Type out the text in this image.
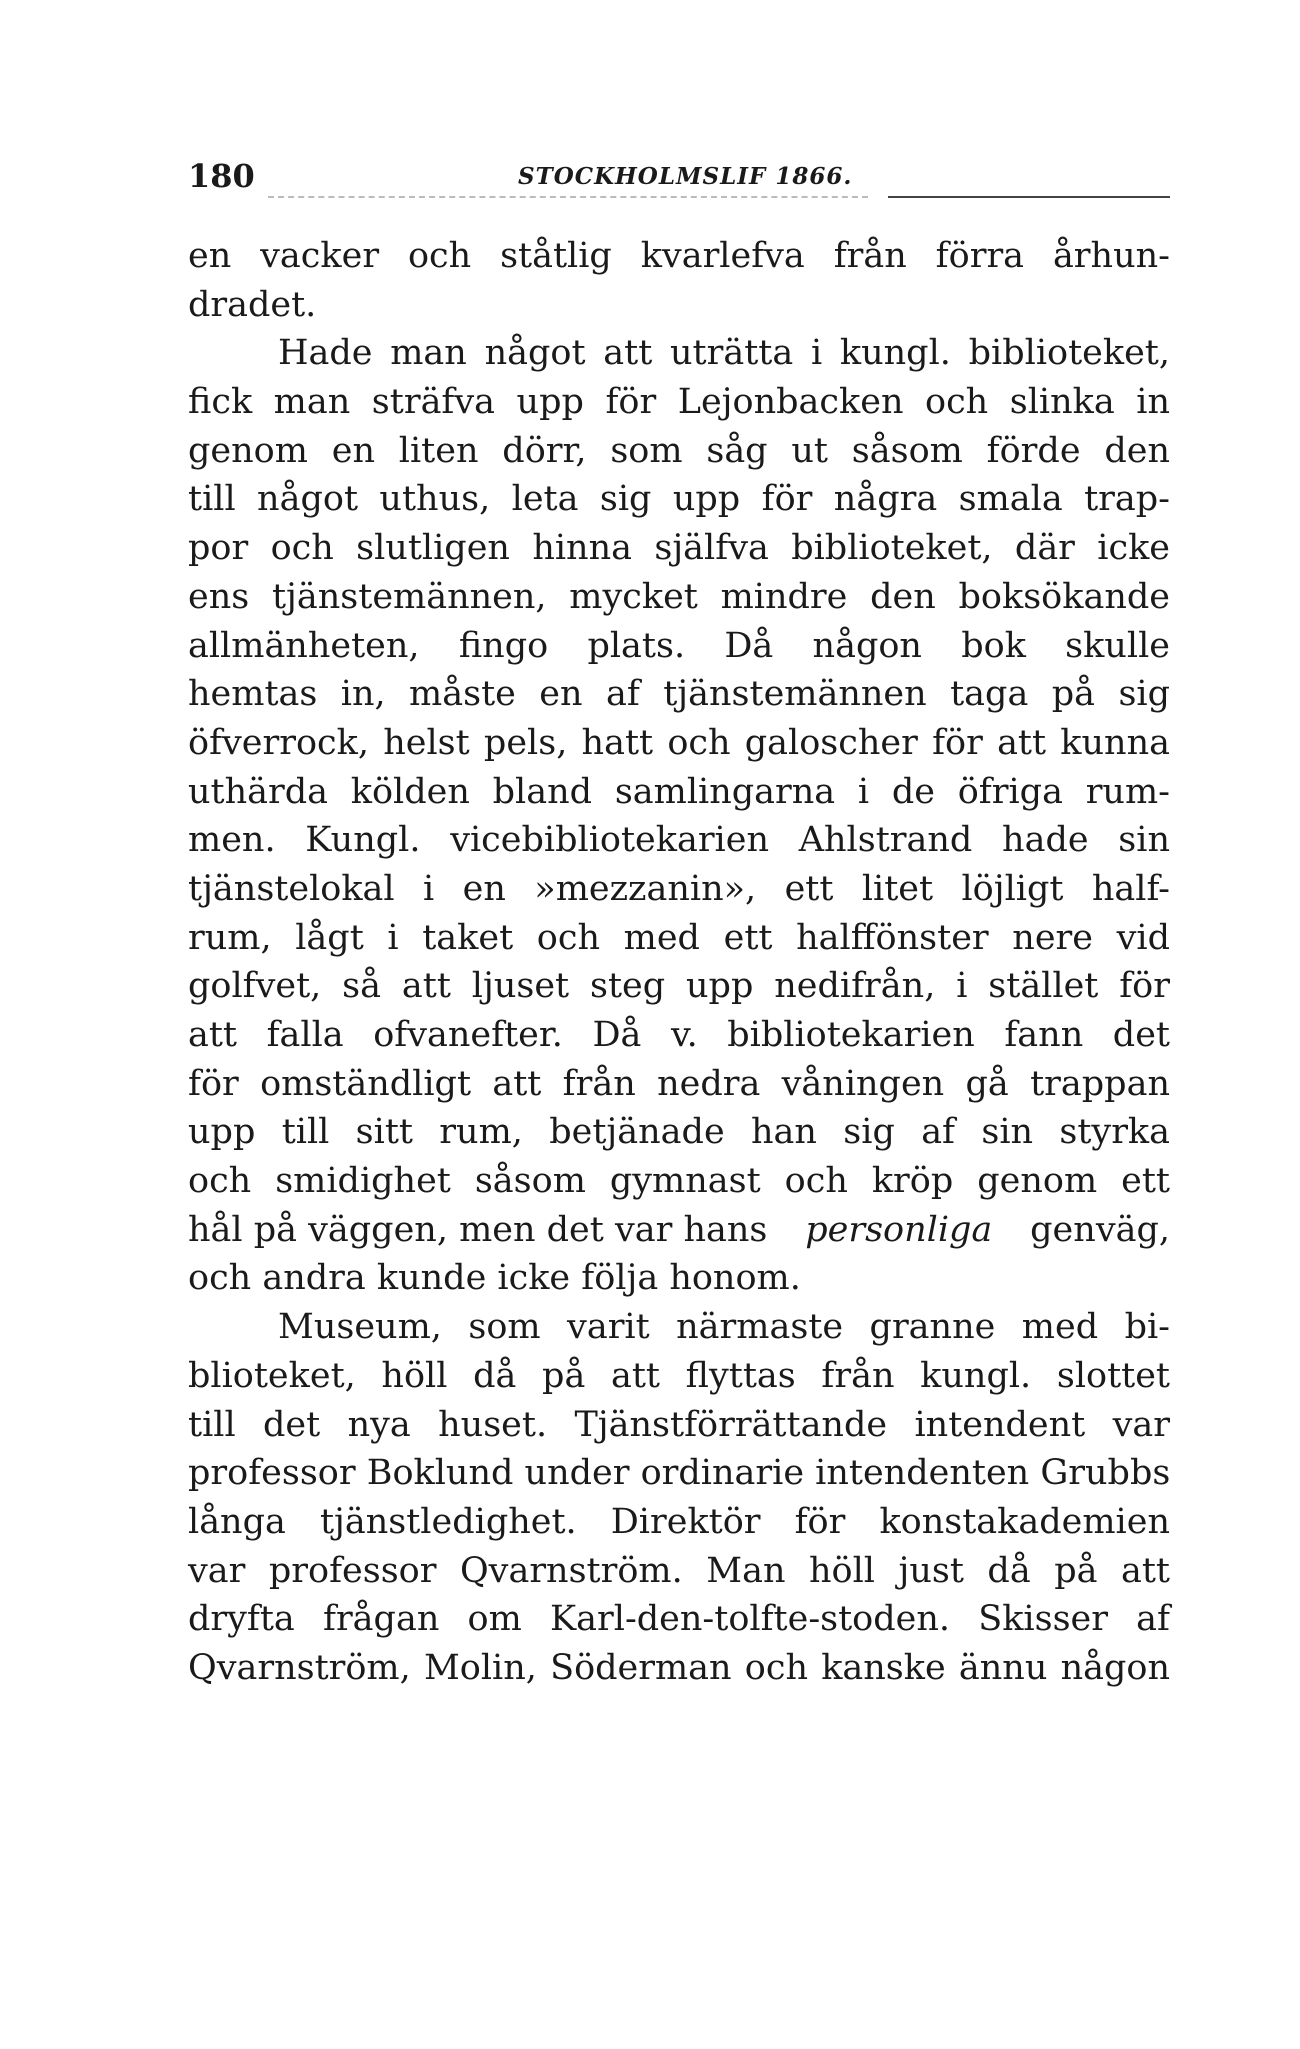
180	STOCKHOLMSLIF 1866.
en vacker och ståtlig kvarlefva från förra århun-
dradet.
Hade man något att uträtta i kungl. biblioteket,
fick man sträfva upp för Lejonbacken och slinka in
genom en liten dörr, som såg ut såsom förde den
till något uthus, leta sig upp för några smala trap-
por och slutligen hinna själfva biblioteket, där icke
ens tjänstemännen, mycket mindre den boksökande
allmänheten, fingo plats. Då någon bok skulle
hemtas in, måste en af tjänstemännen taga på sig
öfverrock, helst pels, hatt och galoscher för att kunna
uthärda kölden bland samlingarna i de öfriga rum-
men. Kungl. vicebibliotekarien Ahlstrand hade sin
tjänstelokal i en »mezzanin», ett litet löjligt half-
rum, lågt i taket och med ett halffönster nere vid
golfvet, så att ljuset steg upp nedifrån, i stället för
att falla ofvanefter. Då v. bibliotekarien fann det
för omständligt att från nedra våningen gå trappan
upp till sitt rum, betjänade han sig af sin styrka
och smidighet såsom gymnast och kröp genom ett
hål på väggen, men det var hans personliga genväg,
och andra kunde icke följa honom.
Museum, som varit närmaste granne med bi-
blioteket, höll då på att flyttas från kungl. slottet
till det nya huset. Tjänstförrättande intendent var
professor Boklund under ordinarie intendenten Grubbs
långa tjänstledighet. Direktör för konstakademien
var professor Qvarnström. Man höll just då på att
dryfta frågan om Karl-den-tolfte-stoden. Skisser af
Qvarnström, Molin, Söderman och kanske ännu någon
